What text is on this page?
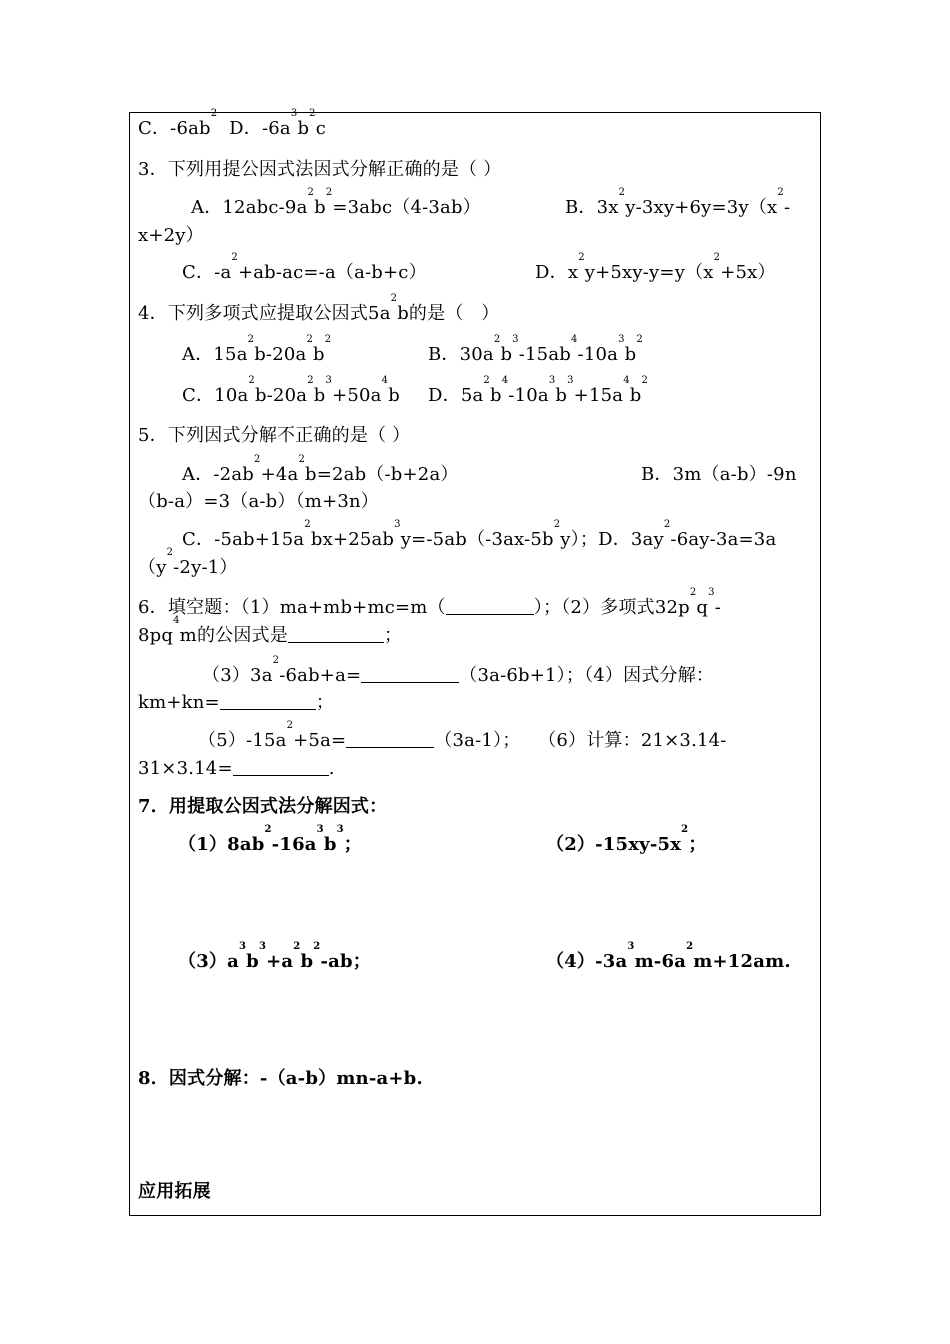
C．$-6ab^2$  D．$-6a^3b^2c$
3．下列用提公因式法因式分解正确的是（ ）
A．$12abc-9a^2b^2=3abc(4-3ab)$	B．$3x^2y-3xy+6y=3y(x^2-$
x+2y）
C．$-a^2+ab-ac=-a(a-b+c)$	D．$x^2y+5xy-y=y(x^2+5x)$
4．下列多项式应提取公因式$5a^2b$的是（   ）
A．$15a^2b-20a^2b^2$
B．$30a^2b^3-15ab^4-10a^3b^2$
C．$10a^2b-20a^2b^3+50a^4b$ D．$5a^2b^4-10a^3b^3+15a^4b^2$
5．下列因式分解不正确的是（ ）
A．$-2ab^2+4a^2b=2ab(-b+2a)$	B．3m（a-b）-9n
（b-a）=3（a-b）（m+3n）
C．$-5ab+15a^2bx+25ab^3y=-5ab(-3ax-5b^2y)$；D．$3ay^2-6ay-3a=3a$
$(y^2-2y-1)$
6．填空题：（1）ma+mb+mc=m（	）；（2）多项式$32p^2q^3-$
$8pq^4m$的公因式是	；
$(3)3a^2-6ab+a=$	（3a-6b+1）；（4）因式分解：
km+kn=	；
$(5)-15a^2+5a=$	（3a-1）；   （6）计算：21×3.14-
31×3.14=	.
7．用提取公因式法分解因式：
$(1)8ab^2-16a^3b^3$；	$(2)-15xy-5x^2$；
$(3)a^3b^3+a^2b^2-ab$；	$(4)-3a^3m-6a^2m+12am$.
8．因式分解：-（a-b）mn-a+b.
应用拓展
